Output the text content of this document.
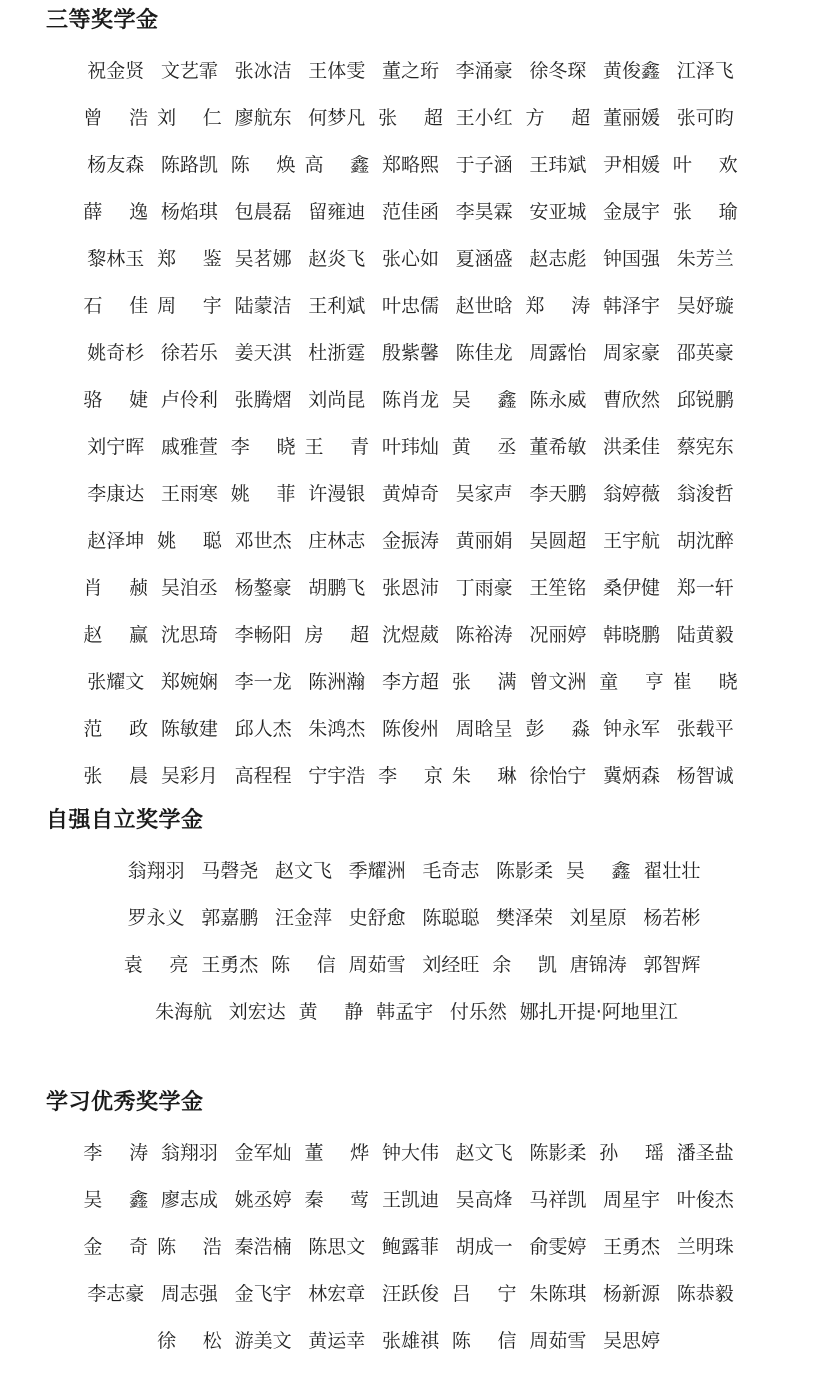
三等奖学金
祝金贤 文艺霏 张冰洁 王体雯 董之珩 李涌豪 徐冬琛 黄俊鑫 江泽飞
曾 浩 刘 仁 廖航东 何梦凡 张 超 王小红 方 超 董丽媛 张可昀
杨友森 陈路凯 陈 焕 高 鑫 郑略熙 于子涵 王玮斌 尹相媛 叶 欢
薛 逸 杨焰琪 包晨磊 留雍迪 范佳函 李昊霖 安亚城 金晟宇 张 瑜
黎林玉 郑 鉴 吴茗娜 赵炎飞 张心如 夏涵盛 赵志彪 钟国强 朱芳兰
石 佳 周 宇 陆蒙洁 王利斌 叶忠儒 赵世晗 郑 涛 韩泽宇 吴妤璇
姚奇杉 徐若乐 姜天淇 杜浙霆 殷紫馨 陈佳龙 周露怡 周家豪 邵英豪
骆 婕 卢伶利 张腾熠 刘尚昆 陈肖龙 吴 鑫 陈永威 曹欣然 邱锐鹏
刘宁晖 戚雅萱 李 晓 王 青 叶玮灿 黄 丞 董希敏 洪柔佳 蔡宪东
李康达 王雨寒 姚 菲 许漫银 黄焯奇 吴家声 李天鹏 翁婷薇 翁浚哲
赵泽坤 姚 聪 邓世杰 庄林志 金振涛 黄丽娟 吴圆超 王宇航 胡沈醉
肖 赪 吴洎丞 杨鏊豪 胡鹏飞 张恩沛 丁雨豪 王笙铭 桑伊健 郑一轩
赵 赢 沈思琦 李畅阳 房 超 沈煜葳 陈裕涛 况丽婷 韩晓鹏 陆黄毅
张耀文 郑婉娴 李一龙 陈洲瀚 李方超 张 满 曾文洲 童 亨 崔 晓
范 政 陈敏建 邱人杰 朱鸿杰 陈俊州 周晗呈 彭 淼 钟永军 张载平
张 晨 吴彩月 高程程 宁宇浩 李 京 朱 琳 徐怡宁 冀炳森 杨智诚
自强自立奖学金
翁翔羽 马磬尧 赵文飞 季耀洲 毛奇志 陈影柔 吴 鑫 翟壮壮
罗永义 郭嘉鹏 汪金萍 史舒愈 陈聪聪 樊泽荣 刘星原 杨若彬
袁 亮 王勇杰 陈 信 周茹雪 刘经旺 余 凯 唐锦涛 郭智辉
朱海航 刘宏达 黄 静 韩孟宇 付乐然 娜扎开提·阿地里江
学习优秀奖学金
李 涛 翁翔羽 金军灿 董 烨 钟大伟 赵文飞 陈影柔 孙 瑶 潘圣盐
吴 鑫 廖志成 姚丞婷 秦 莺 王凯迪 吴高烽 马祥凯 周星宇 叶俊杰
金 奇 陈 浩 秦浩楠 陈思文 鲍露菲 胡成一 俞雯婷 王勇杰 兰明珠
李志豪 周志强 金飞宇 林宏章 汪跃俊 吕 宁 朱陈琪 杨新源 陈恭毅
徐 松 游美文 黄运幸 张雄祺 陈 信 周茹雪 吴思婷
